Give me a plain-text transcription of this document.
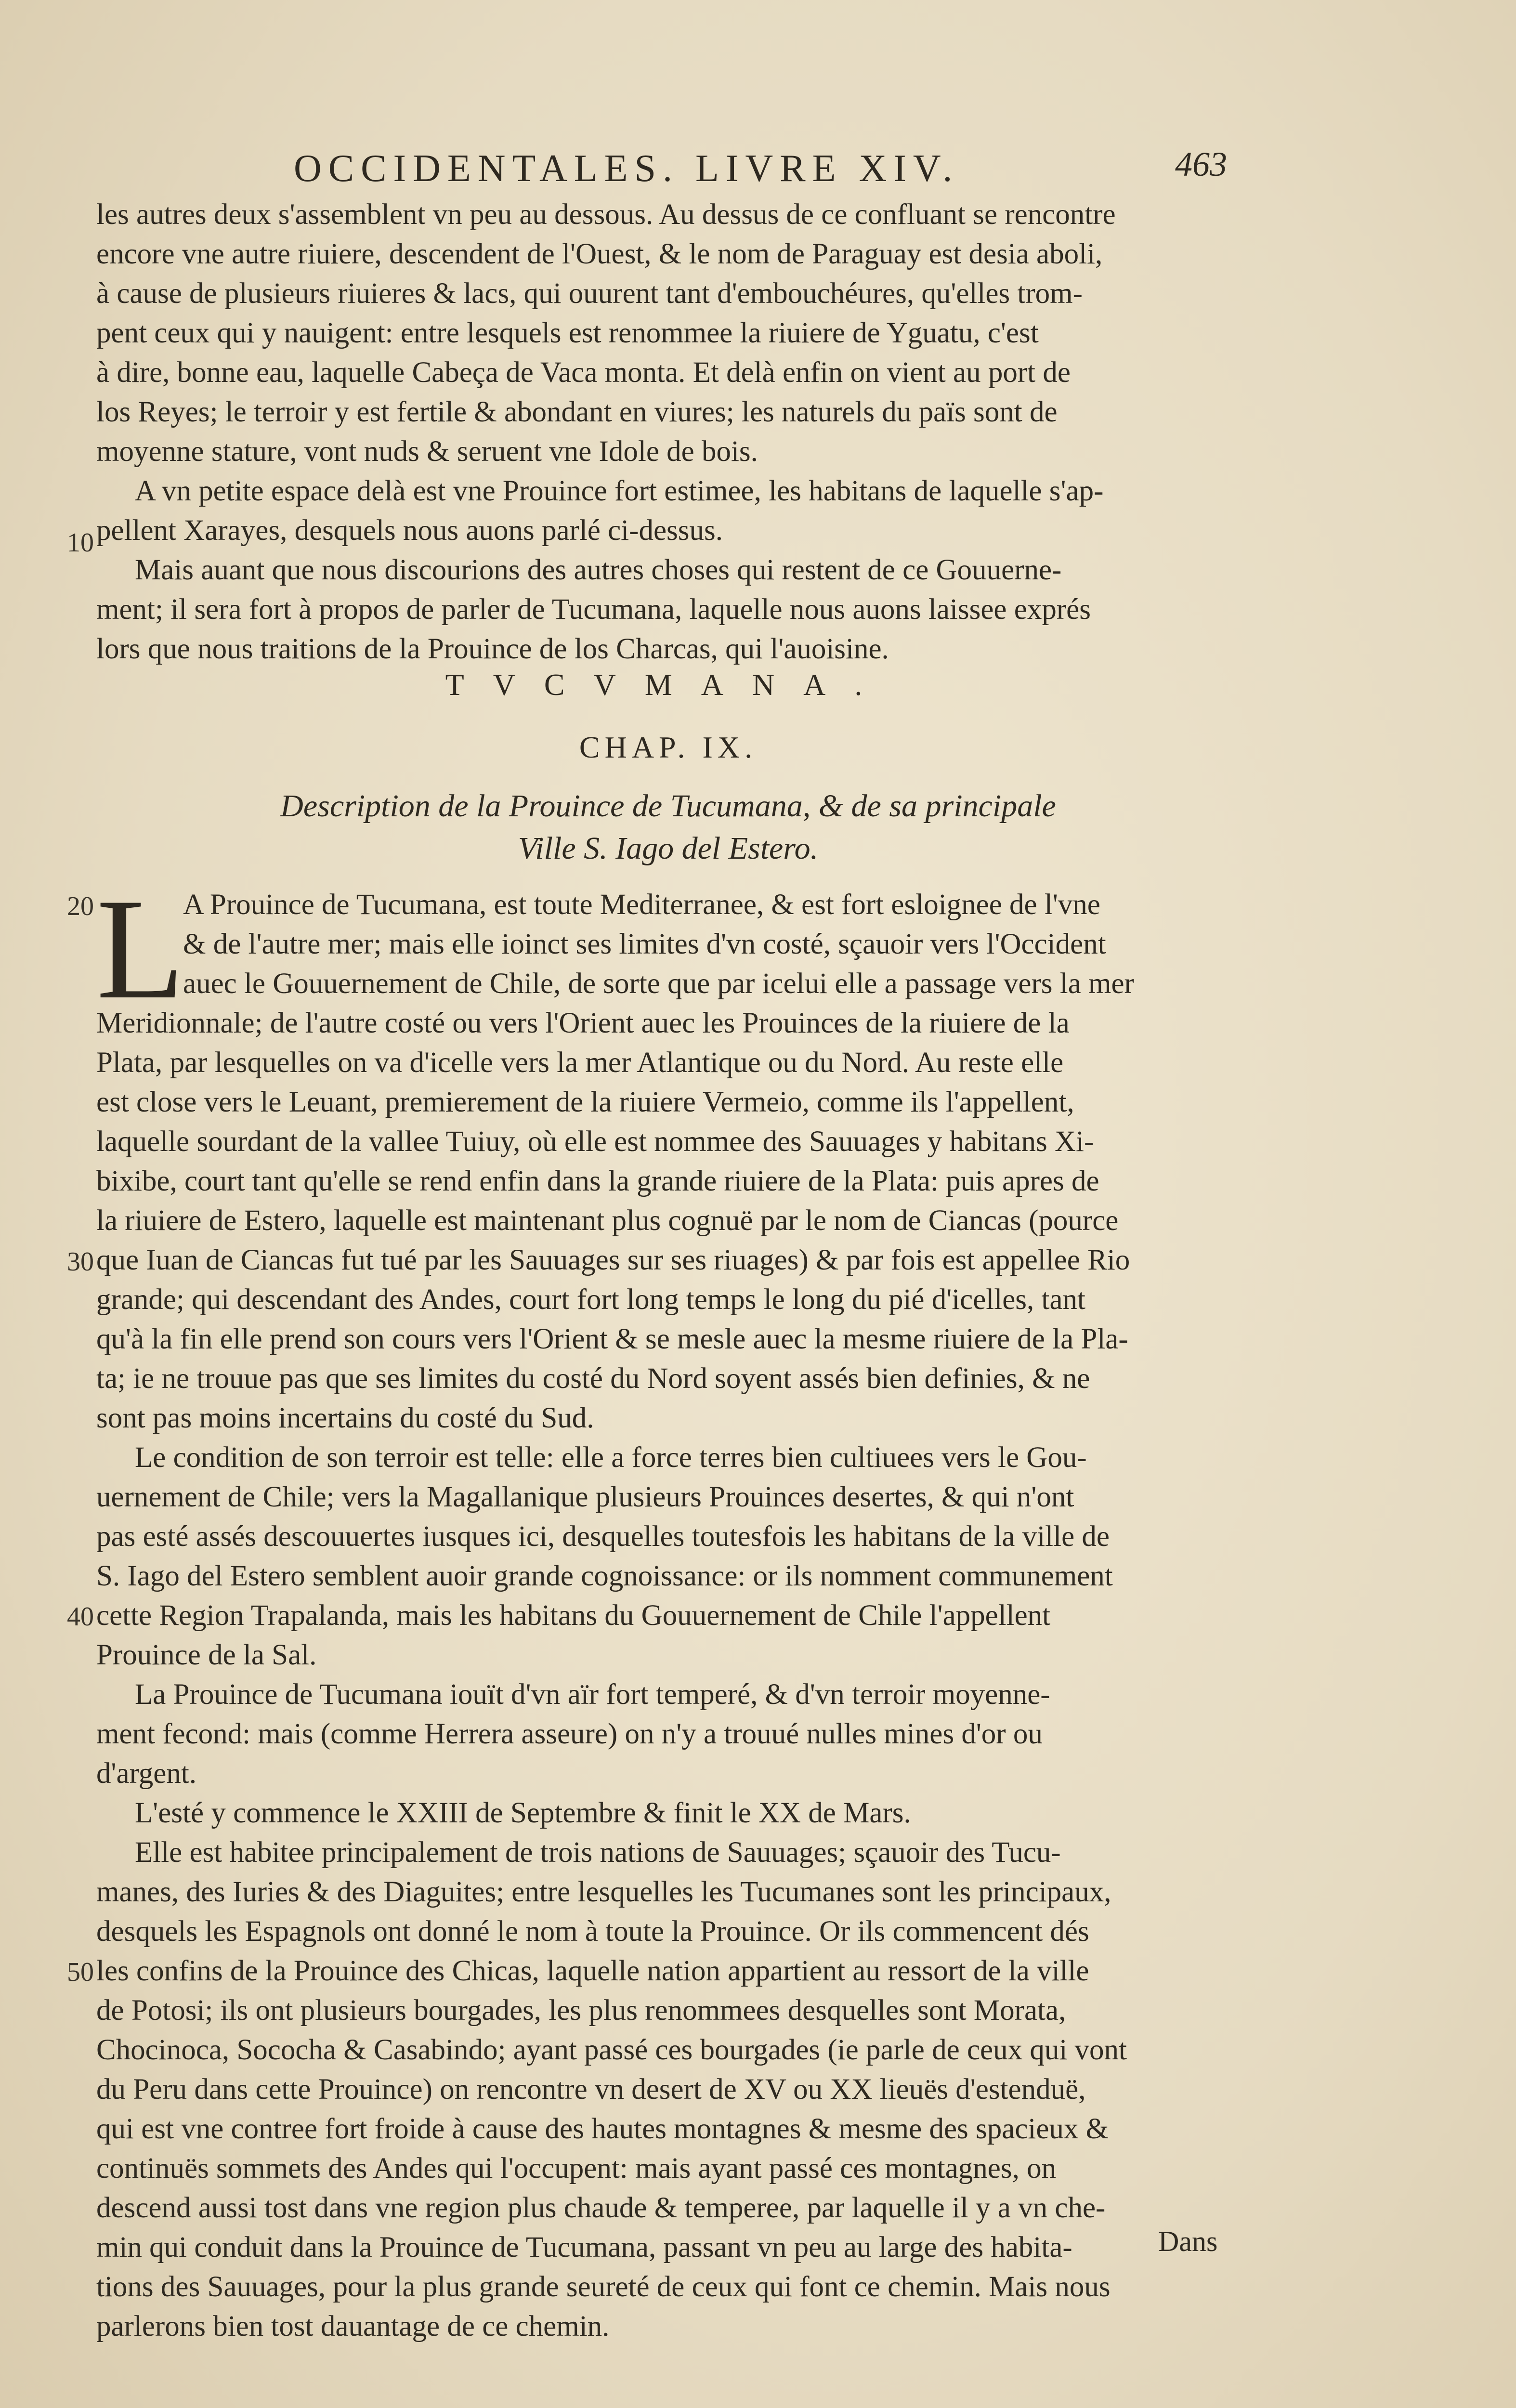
OCCIDENTALES. LIVRE XIV.	463
les autres deux s'assemblent vn peu au dessous. Au dessus de ce confluant se rencontre
encore vne autre riuiere, descendent de l'Ouest, & le nom de Paraguay est desia aboli,
à cause de plusieurs riuieres & lacs, qui ouurent tant d'embouchéures, qu'elles trom-
pent ceux qui y nauigent: entre lesquels est renommee la riuiere de Yguatu, c'est
à dire, bonne eau, laquelle Cabeça de Vaca monta. Et delà enfin on vient au port de
los Reyes; le terroir y est fertile & abondant en viures; les naturels du païs sont de
moyenne stature, vont nuds & seruent vne Idole de bois.
A vn petite espace delà est vne Prouince fort estimee, les habitans de laquelle s'ap-
pellent Xarayes, desquels nous auons parlé ci-dessus.
Mais auant que nous discourions des autres choses qui restent de ce Gouuerne-
ment; il sera fort à propos de parler de Tucumana, laquelle nous auons laissee exprés
lors que nous traitions de la Prouince de los Charcas, qui l'auoisine.
TVCVMANA.
CHAP. IX.
Description de la Prouince de Tucumana, & de sa principale
Ville S. Iago del Estero.
L
A Prouince de Tucumana, est toute Mediterranee, & est fort esloignee de l'vne
& de l'autre mer; mais elle ioinct ses limites d'vn costé, sçauoir vers l'Occident
auec le Gouuernement de Chile, de sorte que par icelui elle a passage vers la mer
Meridionnale; de l'autre costé ou vers l'Orient auec les Prouinces de la riuiere de la
Plata, par lesquelles on va d'icelle vers la mer Atlantique ou du Nord. Au reste elle
est close vers le Leuant, premierement de la riuiere Vermeio, comme ils l'appellent,
laquelle sourdant de la vallee Tuiuy, où elle est nommee des Sauuages y habitans Xi-
bixibe, court tant qu'elle se rend enfin dans la grande riuiere de la Plata: puis apres de
la riuiere de Estero, laquelle est maintenant plus cognuë par le nom de Ciancas (pource
que Iuan de Ciancas fut tué par les Sauuages sur ses riuages) & par fois est appellee Rio
grande; qui descendant des Andes, court fort long temps le long du pié d'icelles, tant
qu'à la fin elle prend son cours vers l'Orient & se mesle auec la mesme riuiere de la Pla-
ta; ie ne trouue pas que ses limites du costé du Nord soyent assés bien definies, & ne
sont pas moins incertains du costé du Sud.
Le condition de son terroir est telle: elle a force terres bien cultiuees vers le Gou-
uernement de Chile; vers la Magallanique plusieurs Prouinces desertes, & qui n'ont
pas esté assés descouuertes iusques ici, desquelles toutesfois les habitans de la ville de
S. Iago del Estero semblent auoir grande cognoissance: or ils nomment communement
cette Region Trapalanda, mais les habitans du Gouuernement de Chile l'appellent
Prouince de la Sal.
La Prouince de Tucumana iouït d'vn aïr fort temperé, & d'vn terroir moyenne-
ment fecond: mais (comme Herrera asseure) on n'y a trouué nulles mines d'or ou
d'argent.
L'esté y commence le XXIII de Septembre & finit le XX de Mars.
Elle est habitee principalement de trois nations de Sauuages; sçauoir des Tucu-
manes, des Iuries & des Diaguites; entre lesquelles les Tucumanes sont les principaux,
desquels les Espagnols ont donné le nom à toute la Prouince. Or ils commencent dés
les confins de la Prouince des Chicas, laquelle nation appartient au ressort de la ville
de Potosi; ils ont plusieurs bourgades, les plus renommees desquelles sont Morata,
Chocinoca, Socochа & Casabindo; ayant passé ces bourgades (ie parle de ceux qui vont
du Peru dans cette Prouince) on rencontre vn desert de XV ou XX lieuës d'estenduë,
qui est vne contree fort froide à cause des hautes montagnes & mesme des spacieux &
continuës sommets des Andes qui l'occupent: mais ayant passé ces montagnes, on
descend aussi tost dans vne region plus chaude & temperee, par laquelle il y a vn che-
min qui conduit dans la Prouince de Tucumana, passant vn peu au large des habita-
tions des Sauuages, pour la plus grande seureté de ceux qui font ce chemin. Mais nous
parlerons bien tost dauantage de ce chemin.
10
20
30
40
50
Dans
